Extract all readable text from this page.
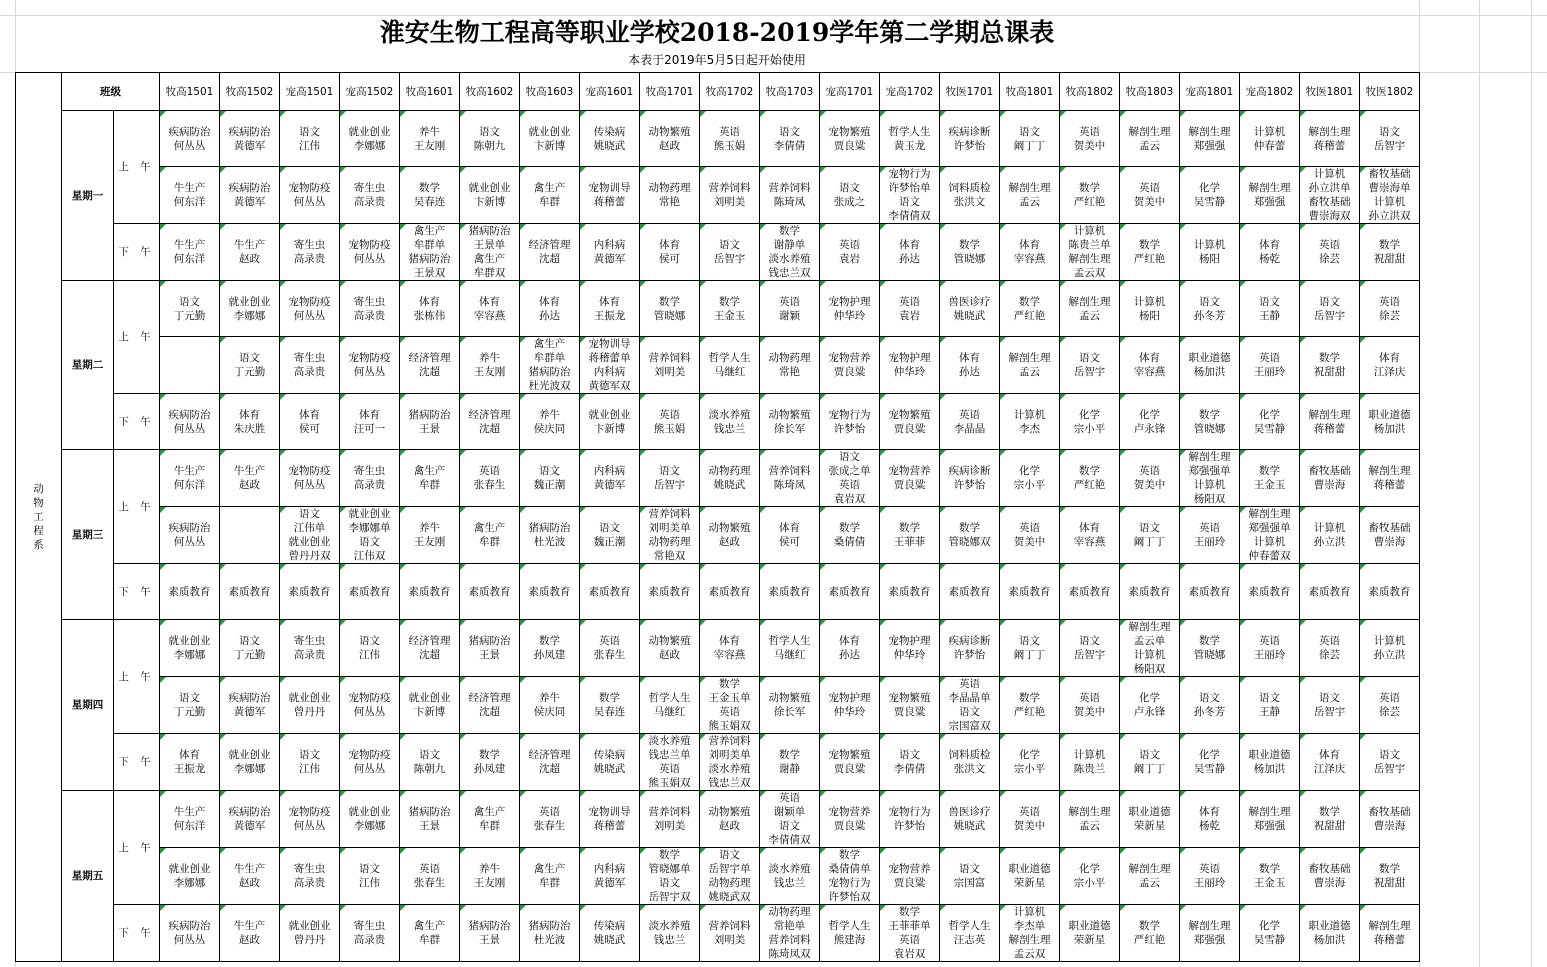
淮安生物工程高等职业学校2018-2019学年第二学期总课表
本表于2019年5月5日起开始使用
动
物
工
程
系	班级		牧高1501	牧高1502	宠高1501	宠高1502	牧高1601	牧高1602	牧高1603	宠高1601	牧高1701	牧高1702	牧高1703	宠高1701	宠高1702	牧医1701	牧高1801	牧高1802	牧高1803	宠高1801	宠高1802	牧医1801	牧医1802
	星期一	上 午	疾病防治
何丛丛	疾病防治
黄德军	语文
江伟	就业创业
李娜娜	养牛
王友刚	语文
陈朝九	就业创业
卞新博	传染病
姚晓武	动物繁殖
赵政	英语
熊玉娟	语文
李倩倩	宠物繁殖
贾良粱	哲学人生
黄玉龙	疾病诊断
许梦怡	语文
阚丁丁	英语
贺美中	解剖生理
孟云	解剖生理
郑强强	计算机
仲春蕾	解剖生理
蒋稽蕾	语文
岳智宇
			牛生产
何东洋	疾病防治
黄德军	宠物防疫
何丛丛	寄生虫
高录贵	数学
吴春连	就业创业
卞新博	禽生产
牟群	宠物训导
蒋稽蕾	动物药理
常艳	营养饲料
刘明美	营养饲料
陈琦凤	语文
张成之	宠物行为
许梦怡单
语文
李倩倩双	饲料质检
张洪文	解剖生理
孟云	数学
严红艳	英语
贺美中	化学
吴雪静	解剖生理
郑强强	计算机
孙立洪单
畜牧基础
曹崇海双	畜牧基础
曹崇海单
计算机
孙立洪双
		下 午	牛生产
何东洋	牛生产
赵政	寄生虫
高录贵	宠物防疫
何丛丛	禽生产
牟群单
猪病防治
王景双	猪病防治
王景单
禽生产
牟群双	经济管理
沈超	内科病
黄德军	体育
侯可	语文
岳智宇	数学
谢静单
淡水养殖
钱忠兰双	英语
袁岩	体育
孙达	数学
管晓娜	体育
宰容燕	计算机
陈贵兰单
解剖生理
孟云双	数学
严红艳	计算机
杨阳	体育
杨乾	英语
徐芸	数学
祝甜甜
	星期二	上 午	语文
丁元勤	就业创业
李娜娜	宠物防疫
何丛丛	寄生虫
高录贵	体育
张栋伟	体育
宰容燕	体育
孙达	体育
王振龙	数学
管晓娜	数学
王金玉	英语
谢颖	宠物护理
仲华玲	英语
袁岩	兽医诊疗
姚晓武	数学
严红艳	解剖生理
孟云	计算机
杨阳	语文
孙冬芳	语文
王静	语文
岳智宇	英语
徐芸
				语文
丁元勤	寄生虫
高录贵	宠物防疫
何丛丛	经济管理
沈超	养牛
王友刚	禽生产
牟群单
猪病防治
杜光波双	宠物训导
蒋稽蕾单
内科病
黄德军双	营养饲料
刘明美	哲学人生
马继红	动物药理
常艳	宠物营养
贾良粱	宠物护理
仲华玲	体育
孙达	解剖生理
孟云	语文
岳智宇	体育
宰容燕	职业道德
杨加洪	英语
王丽玲	数学
祝甜甜	体育
江泽庆
		下 午	疾病防治
何丛丛	体育
朱庆胜	体育
侯可	体育
汪可一	猪病防治
王景	经济管理
沈超	养牛
侯庆同	就业创业
卞新博	英语
熊玉娟	淡水养殖
钱忠兰	动物繁殖
徐长军	宠物行为
许梦怡	宠物繁殖
贾良粱	英语
李晶晶	计算机
李杰	化学
宗小平	化学
卢永锋	数学
管晓娜	化学
吴雪静	解剖生理
蒋稽蕾	职业道德
杨加洪
	星期三	上 午	牛生产
何东洋	牛生产
赵政	宠物防疫
何丛丛	寄生虫
高录贵	禽生产
牟群	英语
张春生	语文
魏正潮	内科病
黄德军	语文
岳智宇	动物药理
姚晓武	营养饲料
陈琦凤	语文
张成之单
英语
袁岩双	宠物营养
贾良粱	疾病诊断
许梦怡	化学
宗小平	数学
严红艳	英语
贺美中	解剖生理
郑强强单
计算机
杨阳双	数学
王金玉	畜牧基础
曹崇海	解剖生理
蒋稽蕾
			疾病防治
何丛丛		语文
江伟单
就业创业
曾丹丹双	就业创业
李娜娜单
语文
江伟双	养牛
王友刚	禽生产
牟群	猪病防治
杜光波	语文
魏正潮	营养饲料
刘明美单
动物药理
常艳双	动物繁殖
赵政	体育
侯可	数学
桑倩倩	数学
王菲菲	数学
管晓娜双	英语
贺美中	体育
宰容燕	语文
阚丁丁	英语
王丽玲	解剖生理
郑强强单
计算机
仲春蕾双	计算机
孙立洪	畜牧基础
曹崇海
		下 午	素质教育	素质教育	素质教育	素质教育	素质教育	素质教育	素质教育	素质教育	素质教育	素质教育	素质教育	素质教育	素质教育	素质教育	素质教育	素质教育	素质教育	素质教育	素质教育	素质教育	素质教育
	星期四	上 午	就业创业
李娜娜	语文
丁元勤	寄生虫
高录贵	语文
江伟	经济管理
沈超	猪病防治
王景	数学
孙凤建	英语
张春生	动物繁殖
赵政	体育
宰容燕	哲学人生
马继红	体育
孙达	宠物护理
仲华玲	疾病诊断
许梦怡	语文
阚丁丁	语文
岳智宇	解剖生理
孟云单
计算机
杨阳双	数学
管晓娜	英语
王丽玲	英语
徐芸	计算机
孙立洪
			语文
丁元勤	疾病防治
黄德军	就业创业
曾丹丹	宠物防疫
何丛丛	就业创业
卞新博	经济管理
沈超	养牛
侯庆同	数学
吴春连	哲学人生
马继红	数学
王金玉单
英语
熊玉娟双	动物繁殖
徐长军	宠物护理
仲华玲	宠物繁殖
贾良粱	英语
李晶晶单
语文
宗国富双	数学
严红艳	英语
贺美中	化学
卢永锋	语文
孙冬芳	语文
王静	语文
岳智宇	英语
徐芸
		下 午	体育
王振龙	就业创业
李娜娜	语文
江伟	宠物防疫
何丛丛	语文
陈朝九	数学
孙凤建	经济管理
沈超	传染病
姚晓武	淡水养殖
钱忠兰单
英语
熊玉娟双	营养饲料
刘明美单
淡水养殖
钱忠兰双	数学
谢静	宠物繁殖
贾良粱	语文
李倩倩	饲料质检
张洪文	化学
宗小平	计算机
陈贵兰	语文
阚丁丁	化学
吴雪静	职业道德
杨加洪	体育
江泽庆	语文
岳智宇
	星期五	上 午	牛生产
何东洋	疾病防治
黄德军	宠物防疫
何丛丛	就业创业
李娜娜	猪病防治
王景	禽生产
牟群	英语
张春生	宠物训导
蒋稽蕾	营养饲料
刘明美	动物繁殖
赵政	英语
谢颖单
语文
李倩倩双	宠物营养
贾良粱	宠物行为
许梦怡	兽医诊疗
姚晓武	英语
贺美中	解剖生理
孟云	职业道德
荣新星	体育
杨乾	解剖生理
郑强强	数学
祝甜甜	畜牧基础
曹崇海
			就业创业
李娜娜	牛生产
赵政	寄生虫
高录贵	语文
江伟	英语
张春生	养牛
王友刚	禽生产
牟群	内科病
黄德军	数学
管晓娜单
语文
岳智宇双	语文
岳智宇单
动物药理
姚晓武双	淡水养殖
钱忠兰	数学
桑倩倩单
宠物行为
许梦怡双	宠物营养
贾良粱	语文
宗国富	职业道德
荣新星	化学
宗小平	解剖生理
孟云	英语
王丽玲	数学
王金玉	畜牧基础
曹崇海	数学
祝甜甜
		下 午	疾病防治
何丛丛	牛生产
赵政	就业创业
曾丹丹	寄生虫
高录贵	禽生产
牟群	猪病防治
王景	猪病防治
杜光波	传染病
姚晓武	淡水养殖
钱忠兰	营养饲料
刘明美	动物药理
常艳单
营养饲料
陈琦凤双	哲学人生
熊建海	数学
王菲菲单
英语
袁岩双	哲学人生
汪志英	计算机
李杰单
解剖生理
孟云双	职业道德
荣新星	数学
严红艳	解剖生理
郑强强	化学
吴雪静	职业道德
杨加洪	解剖生理
蒋稽蕾
